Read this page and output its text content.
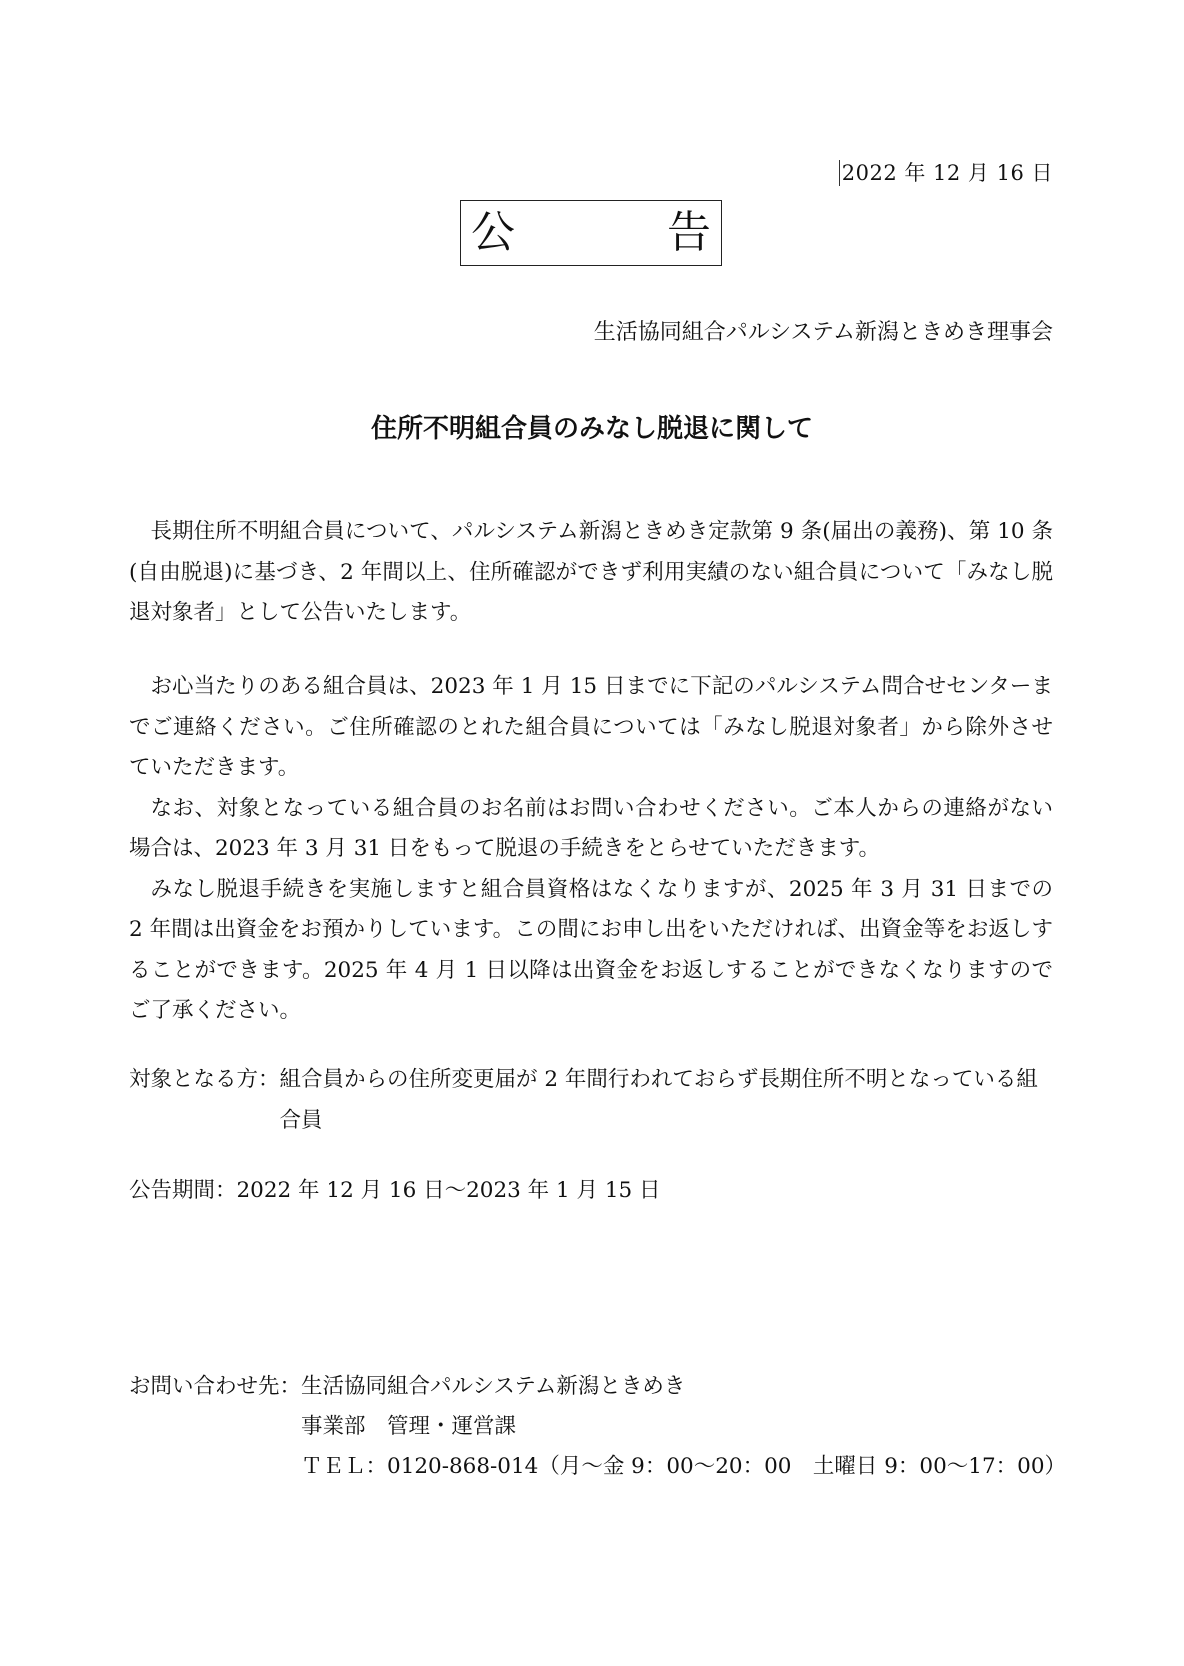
2022 年 12 月 16 日
公	告
生活協同組合パルシステム新潟ときめき理事会
住所不明組合員のみなし脱退に関して

長期住所不明組合員について、パルシステム新潟ときめき定款第 9 条(届出の義務)、第 10 条(自由脱退)に基づき、2 年間以上、住所確認ができず利用実績のない組合員について「みなし脱退対象者」として公告いたします。

お心当たりのある組合員は、2023 年 1 月 15 日までに下記のパルシステム問合せセンターまでご連絡ください。ご住所確認のとれた組合員については「みなし脱退対象者」から除外させていただきます。

なお、対象となっている組合員のお名前はお問い合わせください。ご本人からの連絡がない場合は、2023 年 3 月 31 日をもって脱退の手続きをとらせていただきます。

みなし脱退手続きを実施しますと組合員資格はなくなりますが、2025 年 3 月 31 日までの 2 年間は出資金をお預かりしています。この間にお申し出をいただければ、出資金等をお返しすることができます。2025 年 4 月 1 日以降は出資金をお返しすることができなくなりますのでご了承ください。

対象となる方： 組合員からの住所変更届が 2 年間行われておらず長期住所不明となっている組合員
公告期間：2022 年 12 月 16 日～2023 年 1 月 15 日
お問い合わせ先： 生活協同組合パルシステム新潟ときめき
事業部　管理・運営課
ＴＥＬ：0120-868-014（月～金 9：00～20：00　土曜日 9：00～17：00）
